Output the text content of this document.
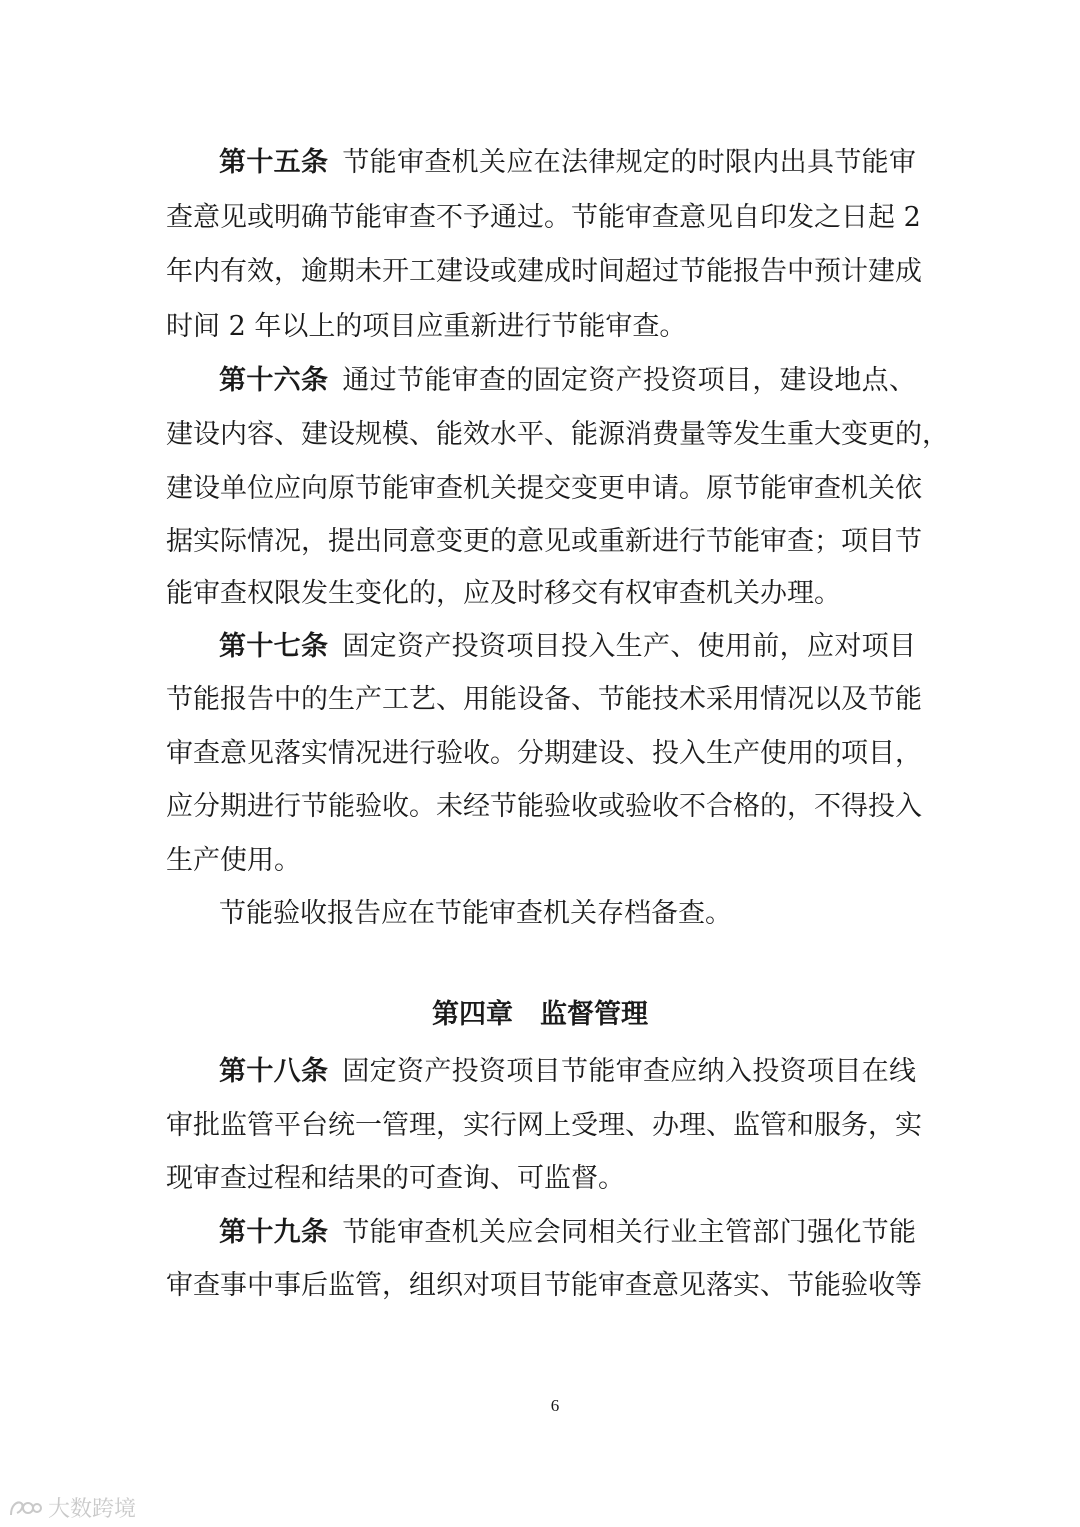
第十五条 节能审查机关应在法律规定的时限内出具节能审
查意见或明确节能审查不予通过。节能审查意见自印发之日起 2
年内有效，逾期未开工建设或建成时间超过节能报告中预计建成
时间 2 年以上的项目应重新进行节能审查。
第十六条 通过节能审查的固定资产投资项目，建设地点、
建设内容、建设规模、能效水平、能源消费量等发生重大变更的，
建设单位应向原节能审查机关提交变更申请。原节能审查机关依
据实际情况，提出同意变更的意见或重新进行节能审查；项目节
能审查权限发生变化的，应及时移交有权审查机关办理。
第十七条 固定资产投资项目投入生产、使用前，应对项目
节能报告中的生产工艺、用能设备、节能技术采用情况以及节能
审查意见落实情况进行验收。分期建设、投入生产使用的项目，
应分期进行节能验收。未经节能验收或验收不合格的，不得投入
生产使用。
节能验收报告应在节能审查机关存档备查。
第四章　监督管理
第十八条 固定资产投资项目节能审查应纳入投资项目在线
审批监管平台统一管理，实行网上受理、办理、监管和服务，实
现审查过程和结果的可查询、可监督。
第十九条 节能审查机关应会同相关行业主管部门强化节能
审查事中事后监管，组织对项目节能审查意见落实、节能验收等
6
大数跨境
